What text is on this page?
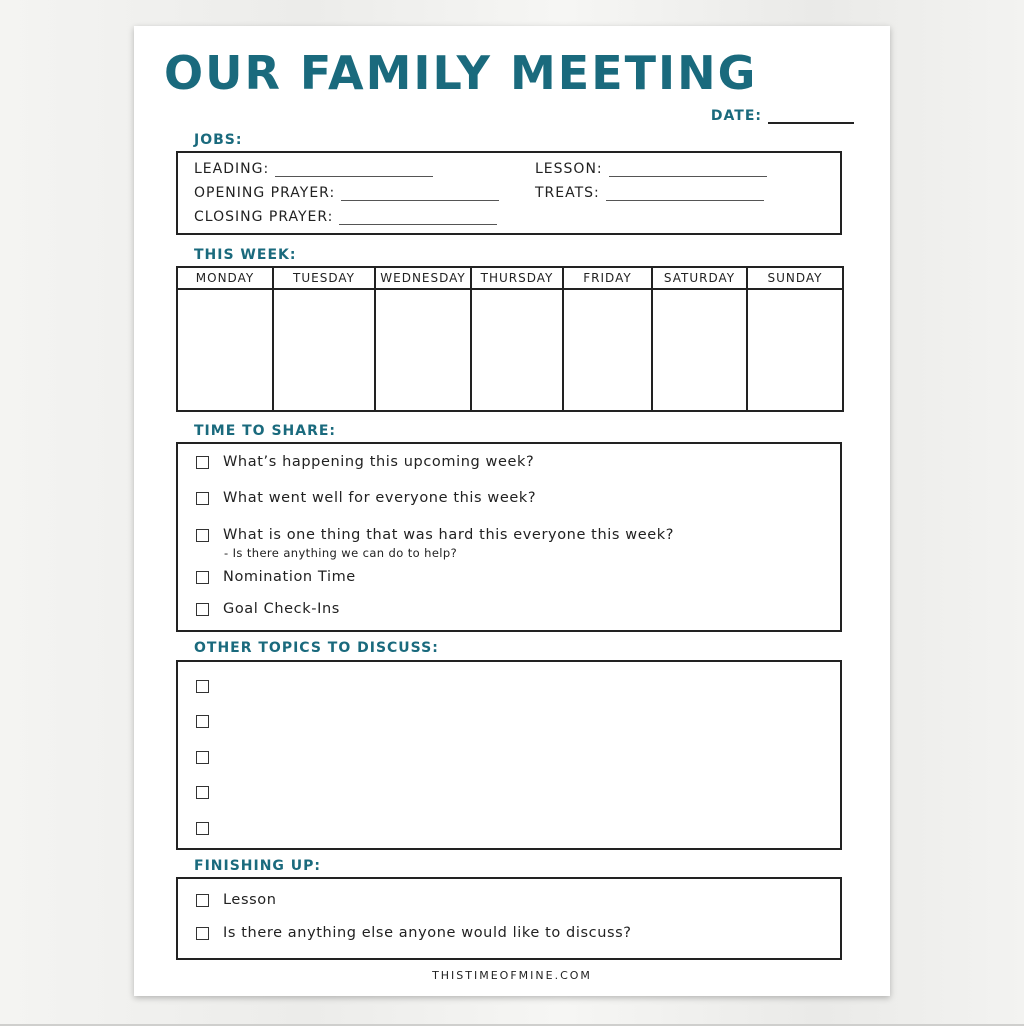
OUR FAMILY MEETING
DATE:
JOBS:
LEADING:	LESSON:
OPENING PRAYER:	TREATS:
CLOSING PRAYER:
THIS WEEK:
MONDAY	TUESDAY	WEDNESDAY	THURSDAY	FRIDAY	SATURDAY	SUNDAY

TIME TO SHARE:
What’s happening this upcoming week?
What went well for everyone this week?
What is one thing that was hard this everyone this week?
- Is there anything we can do to help?
Nomination Time
Goal Check-Ins
OTHER TOPICS TO DISCUSS:
FINISHING UP:
Lesson
Is there anything else anyone would like to discuss?
THISTIMEOFMINE.COM
